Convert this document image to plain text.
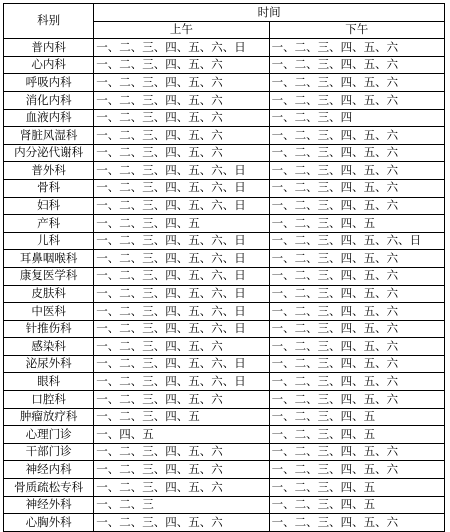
科别	时间	
	上午	下午
普内科	一、二、三、四、五、六、日	一、二、三、四、五、六
心内科	一、二、三、四、五、六	一、二、三、四、五、六
呼吸内科	一、二、三、四、五、六	一、二、三、四、五、六
消化内科	一、二、三、四、五、六	一、二、三、四、五、六
血液内科	一、二、三、四、五、六	一、二、三、四
肾脏风湿科	一、二、三、四、五、六	一、二、三、四、五、六
内分泌代谢科	一、二、三、四、五、六	一、二、三、四、五、六
普外科	一、二、三、四、五、六、日	一、二、三、四、五、六
骨科	一、二、三、四、五、六、日	一、二、三、四、五、六
妇科	一、二、三、四、五、六、日	一、二、三、四、五、六
产科	一、二、三、四、五	一、二、三、四、五
儿科	一、二、三、四、五、六、日	一、二、三、四、五、六、日
耳鼻咽喉科	一、二、三、四、五、六、日	一、二、三、四、五、六
康复医学科	一、二、三、四、五、六、日	一、二、三、四、五、六
皮肤科	一、二、三、四、五、六、日	一、二、三、四、五、六
中医科	一、二、三、四、五、六、日	一、二、三、四、五、六
针推伤科	一、二、三、四、五、六、日	一、二、三、四、五、六
感染科	一、二、三、四、五、六	一、二、三、四、五、六
泌尿外科	一、二、三、四、五、六、日	一、二、三、四、五、六
眼科	一、二、三、四、五、六、日	一、二、三、四、五、六
口腔科	一、二、三、四、五、六	一、二、三、四、五、六
肿瘤放疗科	一、二、三、四、五	一、二、三、四、五
心理门诊	一、四、五	一、二、三、四、五
干部门诊	一、二、三、四、五、六	一、二、三、四、五、六
神经内科	一、二、三、四、五、六	一、二、三、四、五、六
骨质疏松专科	一、二、三、四、五、六	一、二、三、四、五
神经外科	一、二、三	一、二、三、四、五
心胸外科	一、二、三、四、五、六	一、二、三、四、五、六
